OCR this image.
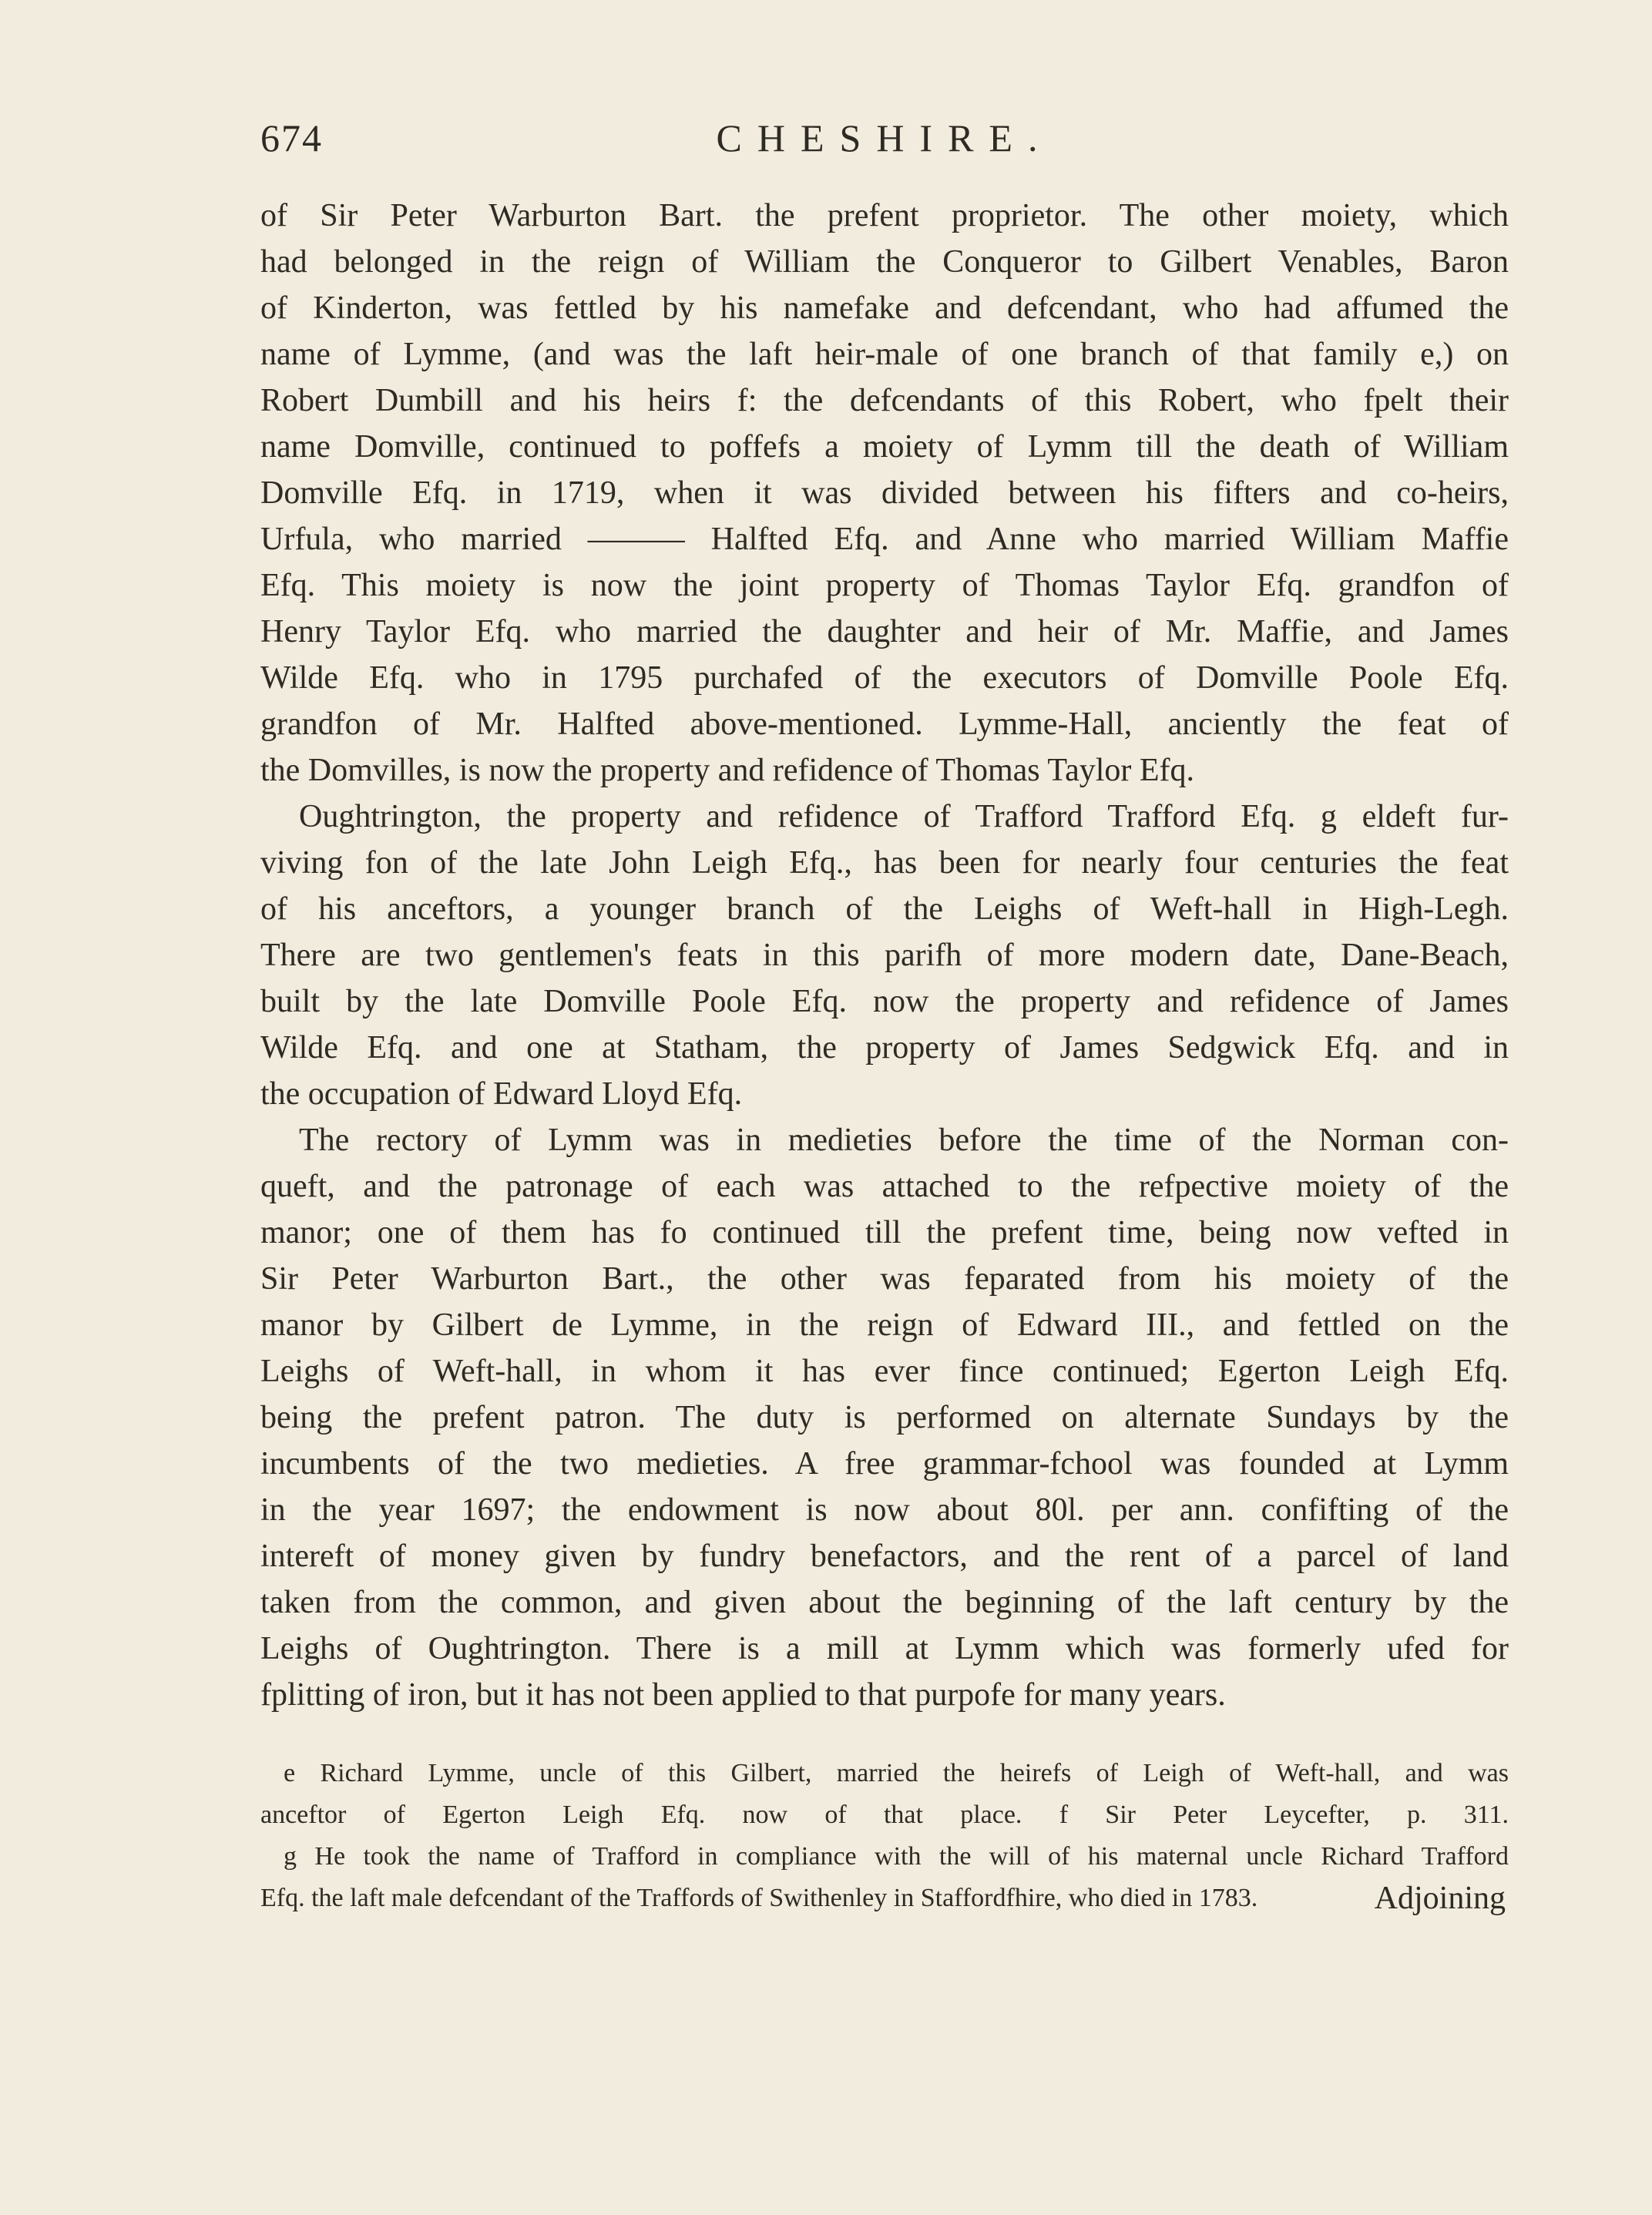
674	CHESHIRE.
of Sir Peter Warburton Bart. the prefent proprietor. The other moiety, which
had belonged in the reign of William the Conqueror to Gilbert Venables, Baron
of Kinderton, was fettled by his namefake and defcendant, who had affumed the
name of Lymme, (and was the laft heir-male of one branch of that family e,) on
Robert Dumbill and his heirs f: the defcendants of this Robert, who fpelt their
name Domville, continued to poffefs a moiety of Lymm till the death of William
Domville Efq. in 1719, when it was divided between his fifters and co-heirs,
Urfula, who married ——— Halfted Efq. and Anne who married William Maffie
Efq. This moiety is now the joint property of Thomas Taylor Efq. grandfon of
Henry Taylor Efq. who married the daughter and heir of Mr. Maffie, and James
Wilde Efq. who in 1795 purchafed of the executors of Domville Poole Efq.
grandfon of Mr. Halfted above-mentioned. Lymme-Hall, anciently the feat of
the Domvilles, is now the property and refidence of Thomas Taylor Efq.
Oughtrington, the property and refidence of Trafford Trafford Efq. g eldeft fur-
viving fon of the late John Leigh Efq., has been for nearly four centuries the feat
of his anceftors, a younger branch of the Leighs of Weft-hall in High-Legh.
There are two gentlemen's feats in this parifh of more modern date, Dane-Beach,
built by the late Domville Poole Efq. now the property and refidence of James
Wilde Efq. and one at Statham, the property of James Sedgwick Efq. and in
the occupation of Edward Lloyd Efq.
The rectory of Lymm was in medieties before the time of the Norman con-
queft, and the patronage of each was attached to the refpective moiety of the
manor; one of them has fo continued till the prefent time, being now vefted in
Sir Peter Warburton Bart., the other was feparated from his moiety of the
manor by Gilbert de Lymme, in the reign of Edward III., and fettled on the
Leighs of Weft-hall, in whom it has ever fince continued; Egerton Leigh Efq.
being the prefent patron. The duty is performed on alternate Sundays by the
incumbents of the two medieties. A free grammar-fchool was founded at Lymm
in the year 1697; the endowment is now about 80l. per ann. confifting of the
intereft of money given by fundry benefactors, and the rent of a parcel of land
taken from the common, and given about the beginning of the laft century by the
Leighs of Oughtrington. There is a mill at Lymm which was formerly ufed for
fplitting of iron, but it has not been applied to that purpofe for many years.
e Richard Lymme, uncle of this Gilbert, married the heirefs of Leigh of Weft-hall, and was
anceftor of Egerton Leigh Efq. now of that place. f Sir Peter Leycefter, p. 311.
g He took the name of Trafford in compliance with the will of his maternal uncle Richard Trafford
Efq. the laft male defcendant of the Traffords of Swithenley in Staffordfhire, who died in 1783.	Adjoining
